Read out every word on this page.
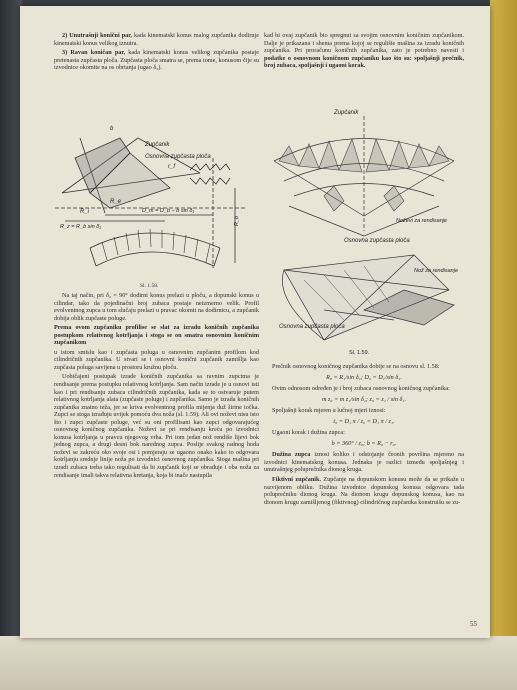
2) Unutrašnji konični par, kada kinematski konus malog zupčanika dodiruje kinematski konus velikog iznutra.

3) Ravan koničan par, kada kinematski konus velikog zupčanika postaje pretenasta zupčasta ploča. Zupčasta ploča smatra se, prema tome, konusom čije su izvodnice okomite na os obrtanja (ugao δ₂).

Zupčanik
Osnovna zupčasta ploča
b
r_f
R_e
R_i
R_z = R_b sin δ₁
D_m = D_b − b sin δ₁
R_b
Sl. 1.58.

Na taj način, pri δ₂ = 90° dodirni konus prelazi u ploču, a dopunski konus u cilindar, tako da pojedinačni broj zubaca postaje neizmerno velik. Profil evolventnog zupca u tom slučaju prelazi u pravac okomit na dodirnicu, a zupčanik dobija oblik zupčaste poluge.

Prema ovom zupčaniku profilise se slat za izradu koničnih zupčanika postupkom relativnog kotrljanja i stoga se on smatra osnovnim koničnim zupčanikom

u istom smislu kao i zupčasta poluga u osnovnim zupčanim profilom kod cilindričnih zupčanika. U stvari se i osnovni konični zupčanik zamišlja kao zupčasta poluga savijena u prostoru kružnu ploču.

Uobičajeni postupak izrade koničnih zupčanika sa ravnim zupcima je rendisanje prema postupku relativnog kotrljanja. Sam način izrade je u osnovi isti kao i pri rendisanju zubaca cilindričnih zupčanika, kada se to ostvaruje putem relativnog kotrljanja alata (zupčaste poluge) i zupčanika. Samo je izrada koničnih zupčanika znatno teža, jer se kriva evolventnog profila mijenja duž širine točka. Zupci se stoga izrađuju uvijek pomoću dva noža (sl. 1.59). Ali ovi noževi nisu isto što i zupci zupčaste poluge, već su oni profilisani kao zupci odgovarajućeg osnovnog koničnog zupčanika. Noževi se pri rendisanju kreću po izvodnici konusa kotrljanja u pravcu njegovog vrha. Pri tom jedan nož rendiše lijevi bok jednog zupca, a drugi desni bok narednog zupca. Poslije svakog radnog hoda noževi se zakreću oko svoje osi i pomjeraju se ugaono onako kako to odgovara kotrljanju srednje linije noža po izvodnici osnovnog zupčanika. Stoga mašina pri izradi zubaca treba tako regulisati da bi zupčanik koji se obrađuje i oba noža za rendisanje imali takva relativna kretanja, koja bi inače nastupila

kad bi ovaj zupčanik bio spregnut sa svojim osnovnim koničnim zupčanikom. Dalje je prikazana i shema prema kojoj se regulište mašina za izradu koničnih zupčanika. Pri proračunu koničnih zupčanika, zato je potrebno navesti i podatke o osnovnom koničnom zupčaniku kao što su: spoljašnji prečnik, broj zubaca, spoljašnji i ugaoni korak.

Zupčanik
Noževi za rendisanje
Osnovna zupčasta ploča
Nož za rendisanje
Osnovna zupčasta ploča
Sl. 1.59.

Prečnik osnovnog koničnog zupčanika dobije se na osnovu sl. 1.58:

R₀ = R₁/sin δ₁; D₀ = D₁/sin δ₁.

Ovim odnosom određen je i broj zubaca osnovnog koničnog zupčanika:

m z₀ = m z₁/sin δ₁; z₀ = z₁ / sin δ₁.

Spoljašnji korak mjeren u lučnoj mjeri iznosi:

t₀ = D₁ π / z₀ = D₁ π / z₁.

Ugaoni korak i dužina zupca:

b = 360° / z₀; b = R₀ − r₀.

Dužina zupca iznosi koliko i odstojanje čeonih površina mjereno na izvodnici kinematskog konusa. Jednaka je razlici između spoljašnjeg i unutrašnjeg poluprečnika dionog kruga.

Fiktivni zupčanik. Zupčanje na dopunskom konusu može da se prikaže u razvijenom obliku. Dužina izvodnice dopunskog konusa odgovara tada poluprečniku dionog kruga. Na dionom krugu dopunskog konusa, kao na dionom krugu zamišljenog (fiktivnog) cilindričnog zupčanika konstruišu se zu-

55
